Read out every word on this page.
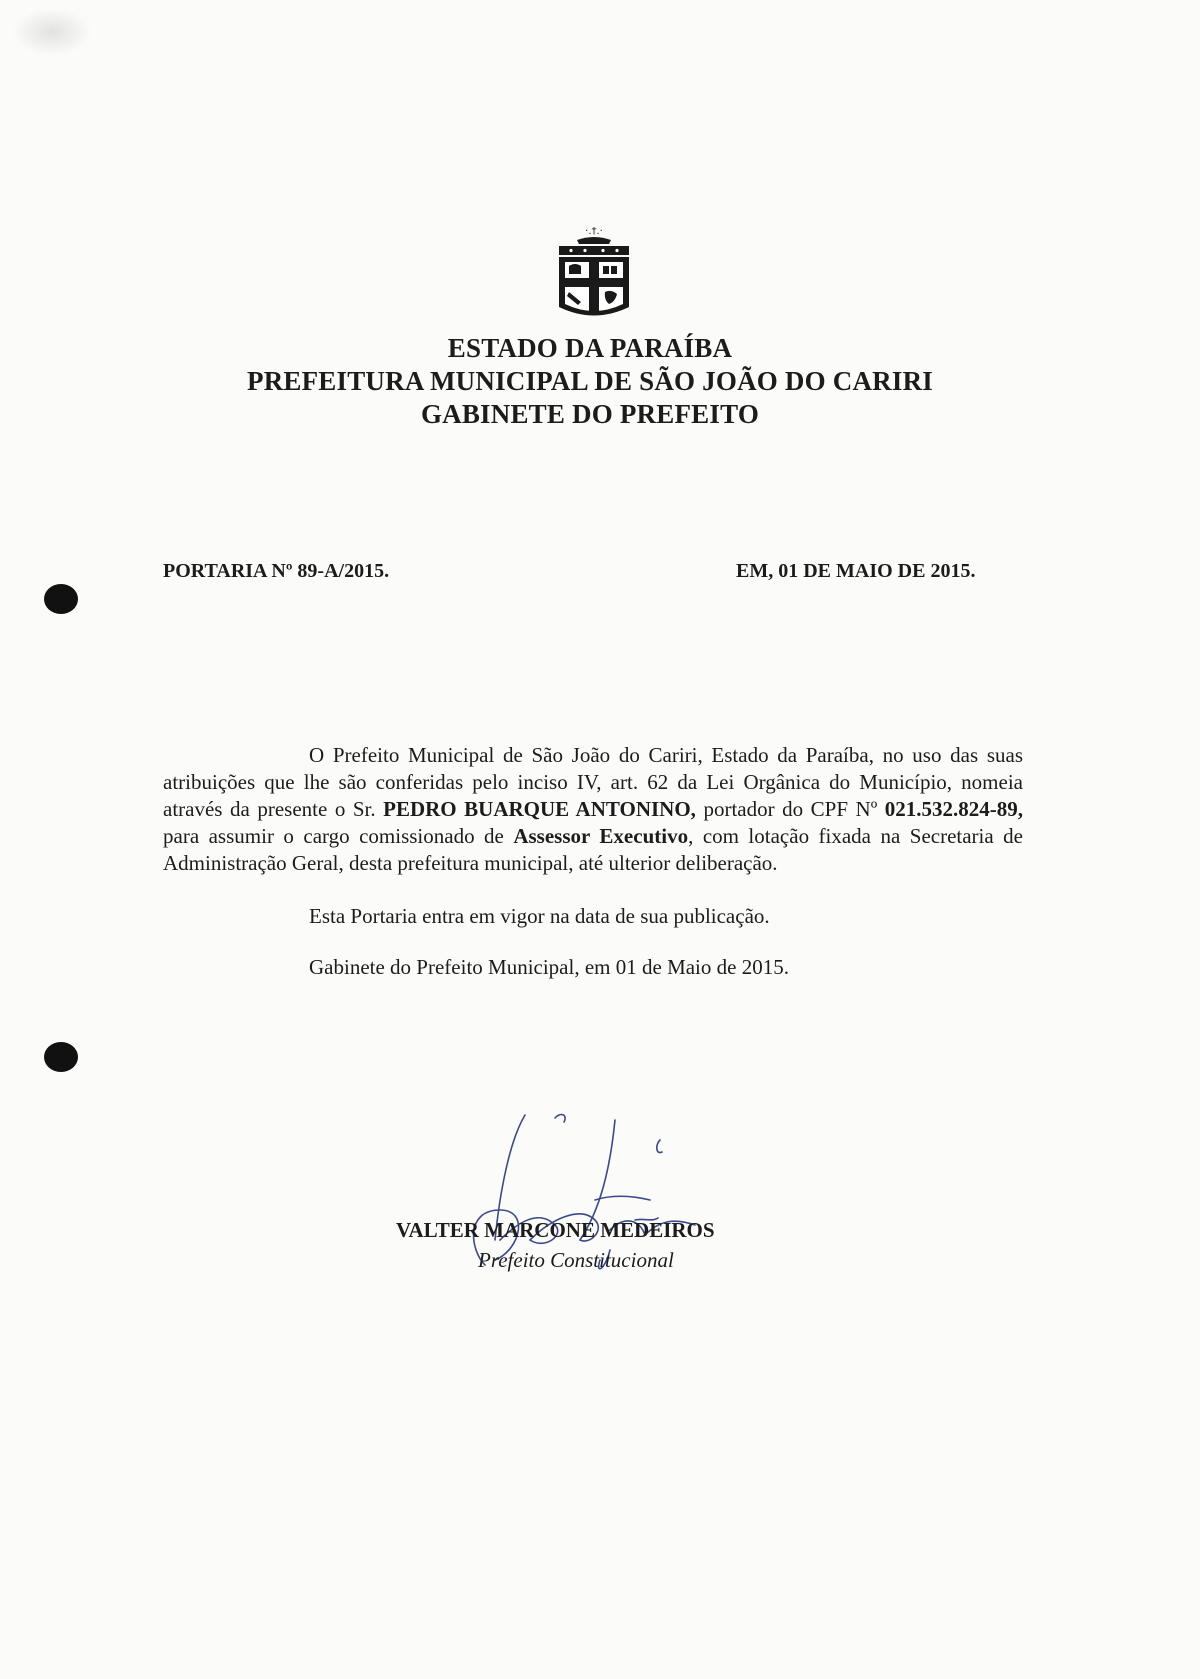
·.†.·
ESTADO DA PARAÍBA
PREFEITURA MUNICIPAL DE SÃO JOÃO DO CARIRI
GABINETE DO PREFEITO
PORTARIA Nº 89-A/2015.	EM, 01 DE MAIO DE 2015.

O Prefeito Municipal de São João do Cariri, Estado da Paraíba, no uso das suas atribuições que lhe são conferidas pelo inciso IV, art. 62 da Lei Orgânica do Município, nomeia através da presente o Sr. PEDRO BUARQUE ANTONINO, portador do CPF Nº 021.532.824-89, para assumir o cargo comissionado de Assessor Executivo, com lotação fixada na Secretaria de Administração Geral, desta prefeitura municipal, até ulterior deliberação.

Esta Portaria entra em vigor na data de sua publicação.

Gabinete do Prefeito Municipal, em 01 de Maio de 2015.

VALTER MARCONE MEDEIROS
Prefeito Constitucional
